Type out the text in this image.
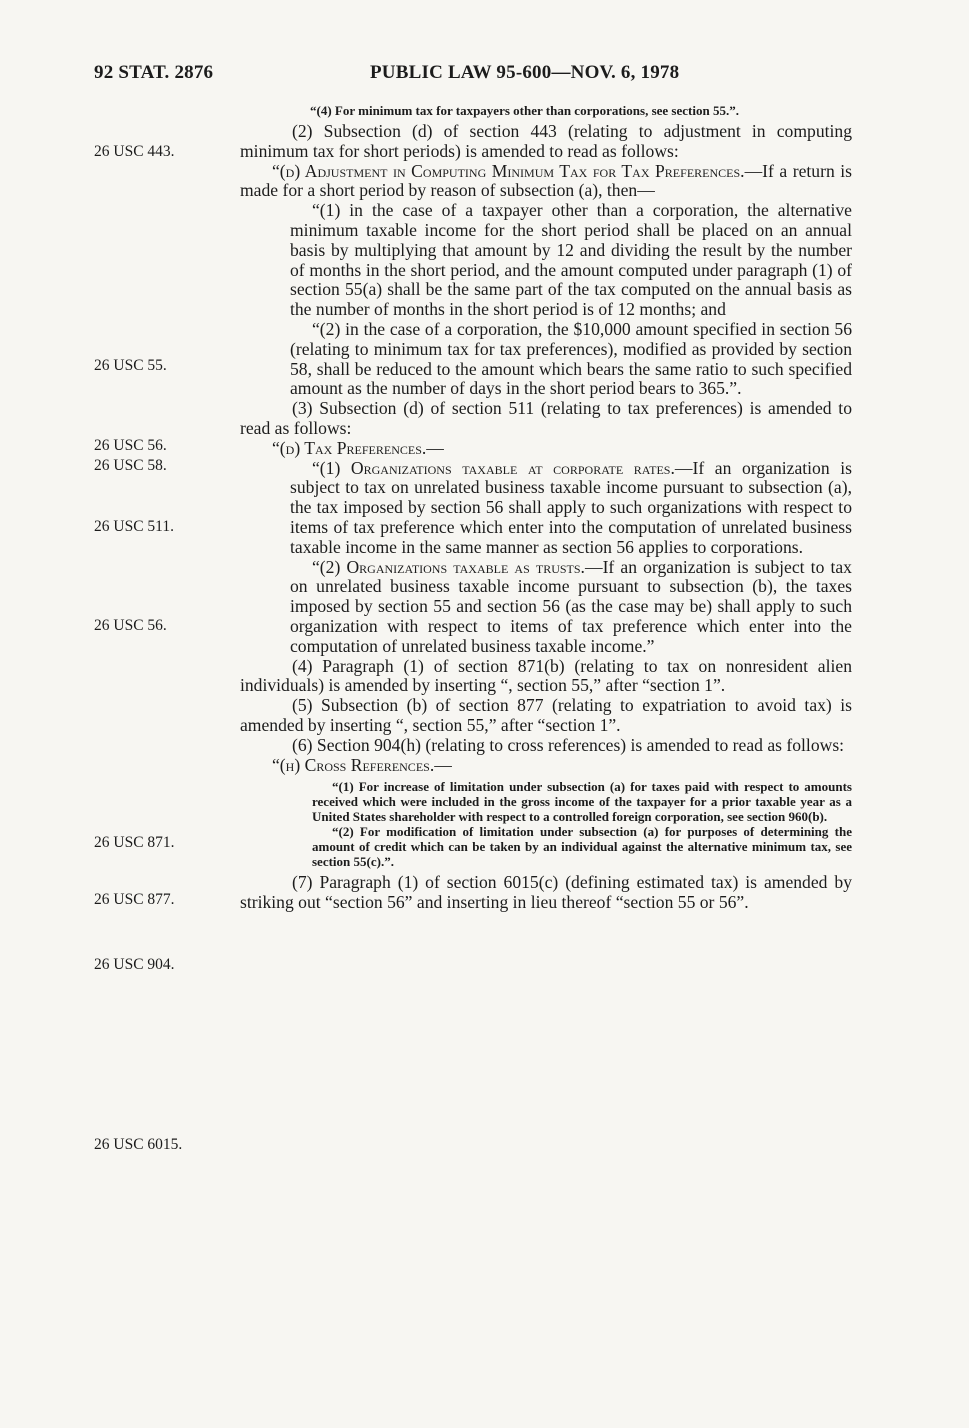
92 STAT. 2876	PUBLIC LAW 95-600—NOV. 6, 1978
26 USC 443.
26 USC 55.
26 USC 56.
26 USC 58.
26 USC 511.
26 USC 56.
26 USC 871.
26 USC 877.
26 USC 904.
26 USC 6015.

“(4) For minimum tax for taxpayers other than corporations, see section 55.”.

(2) Subsection (d) of section 443 (relating to adjustment in computing minimum tax for short periods) is amended to read as follows:

“(d) Adjustment in Computing Minimum Tax for Tax Preferences.—If a return is made for a short period by reason of subsection (a), then—

“(1) in the case of a taxpayer other than a corporation, the alternative minimum taxable income for the short period shall be placed on an annual basis by multiplying that amount by 12 and dividing the result by the number of months in the short period, and the amount computed under paragraph (1) of section 55(a) shall be the same part of the tax computed on the annual basis as the number of months in the short period is of 12 months; and

“(2) in the case of a corporation, the $10,000 amount specified in section 56 (relating to minimum tax for tax preferences), modified as provided by section 58, shall be reduced to the amount which bears the same ratio to such specified amount as the number of days in the short period bears to 365.”.

(3) Subsection (d) of section 511 (relating to tax preferences) is amended to read as follows:

“(d) Tax Preferences.—

“(1) Organizations taxable at corporate rates.—If an organization is subject to tax on unrelated business taxable income pursuant to subsection (a), the tax imposed by section 56 shall apply to such organizations with respect to items of tax preference which enter into the computation of unrelated business taxable income in the same manner as section 56 applies to corporations.

“(2) Organizations taxable as trusts.—If an organization is subject to tax on unrelated business taxable income pursuant to subsection (b), the taxes imposed by section 55 and section 56 (as the case may be) shall apply to such organization with respect to items of tax preference which enter into the computation of unrelated business taxable income.”

(4) Paragraph (1) of section 871(b) (relating to tax on nonresident alien individuals) is amended by inserting “, section 55,” after “section 1”.

(5) Subsection (b) of section 877 (relating to expatriation to avoid tax) is amended by inserting “, section 55,” after “section 1”.

(6) Section 904(h) (relating to cross references) is amended to read as follows:

“(h) Cross References.—

“(1) For increase of limitation under subsection (a) for taxes paid with respect to amounts received which were included in the gross income of the taxpayer for a prior taxable year as a United States shareholder with respect to a controlled foreign corporation, see section 960(b).

“(2) For modification of limitation under subsection (a) for purposes of determining the amount of credit which can be taken by an individual against the alternative minimum tax, see section 55(c).”.

(7) Paragraph (1) of section 6015(c) (defining estimated tax) is amended by striking out “section 56” and inserting in lieu thereof “section 55 or 56”.
